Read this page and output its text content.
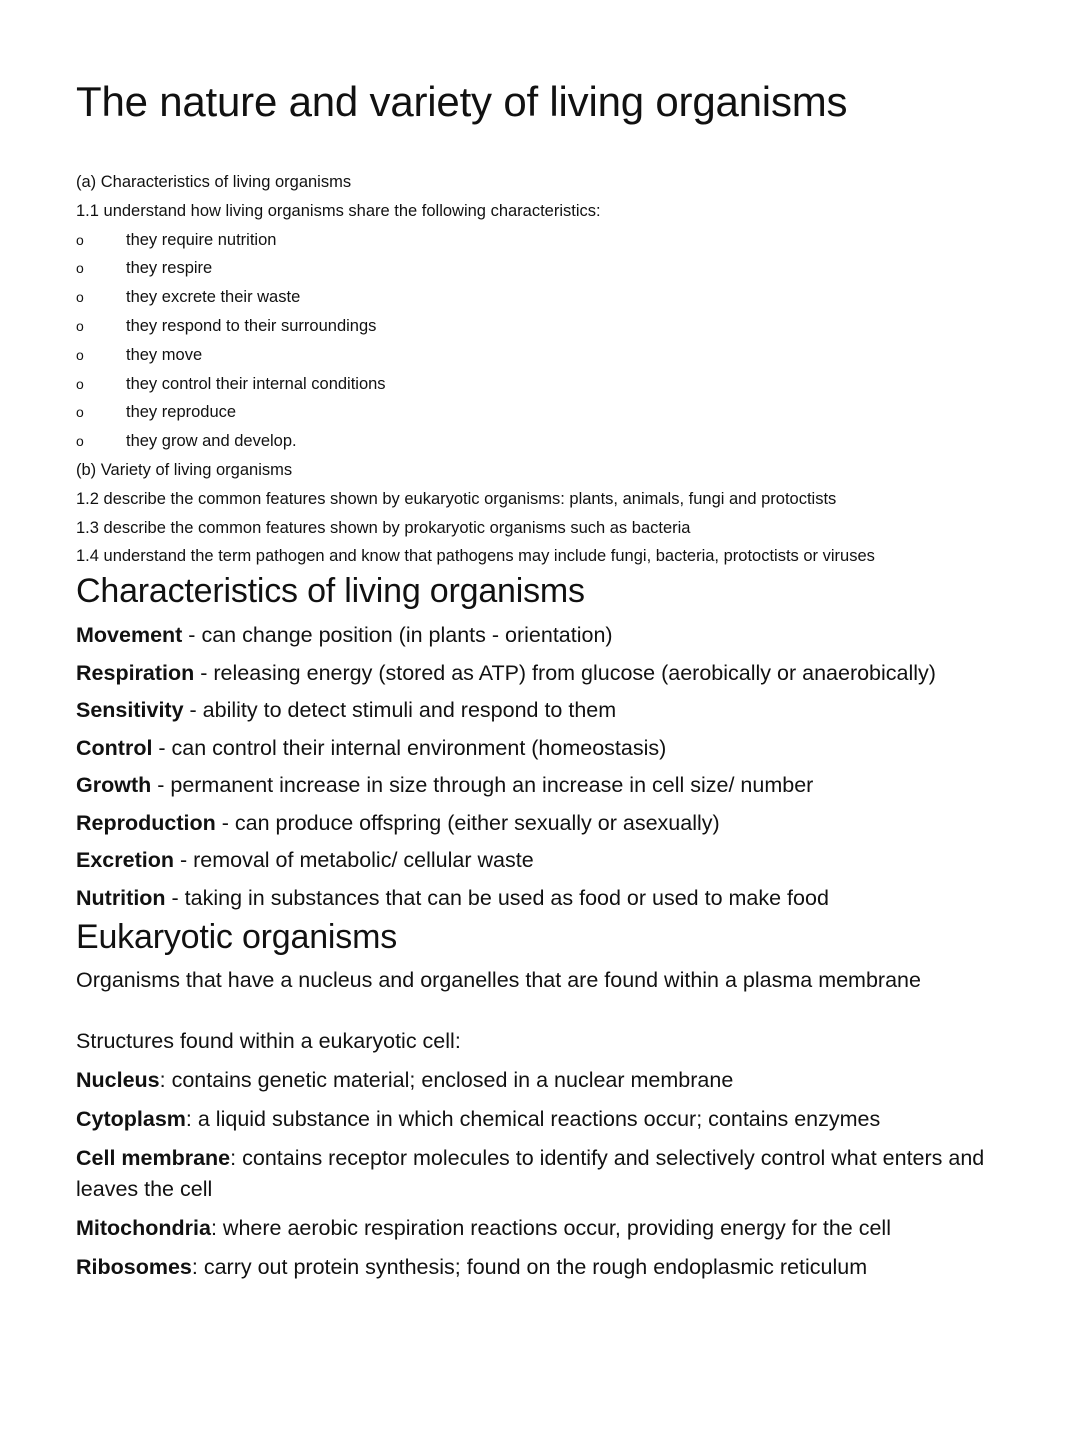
The nature and variety of living organisms
(a) Characteristics of living organisms
1.1 understand how living organisms share the following characteristics:
o	they require nutrition
o	they respire
o	they excrete their waste
o	they respond to their surroundings
o	they move
o	they control their internal conditions
o	they reproduce
o	they grow and develop.
(b) Variety of living organisms
1.2 describe the common features shown by eukaryotic organisms: plants, animals, fungi and protoctists
1.3 describe the common features shown by prokaryotic organisms such as bacteria
1.4 understand the term pathogen and know that pathogens may include fungi, bacteria, protoctists or viruses
Characteristics of living organisms
Movement - can change position (in plants - orientation)
Respiration - releasing energy (stored as ATP) from glucose (aerobically or anaerobically)
Sensitivity - ability to detect stimuli and respond to them
Control - can control their internal environment (homeostasis)
Growth - permanent increase in size through an increase in cell size/ number
Reproduction - can produce offspring (either sexually or asexually)
Excretion - removal of metabolic/ cellular waste
Nutrition - taking in substances that can be used as food or used to make food
Eukaryotic organisms
Organisms that have a nucleus and organelles that are found within a plasma membrane
Structures found within a eukaryotic cell:
Nucleus: contains genetic material; enclosed in a nuclear membrane
Cytoplasm: a liquid substance in which chemical reactions occur; contains enzymes
Cell membrane: contains receptor molecules to identify and selectively control what enters and leaves the cell
Mitochondria: where aerobic respiration reactions occur, providing energy for the cell
Ribosomes: carry out protein synthesis; found on the rough endoplasmic reticulum
